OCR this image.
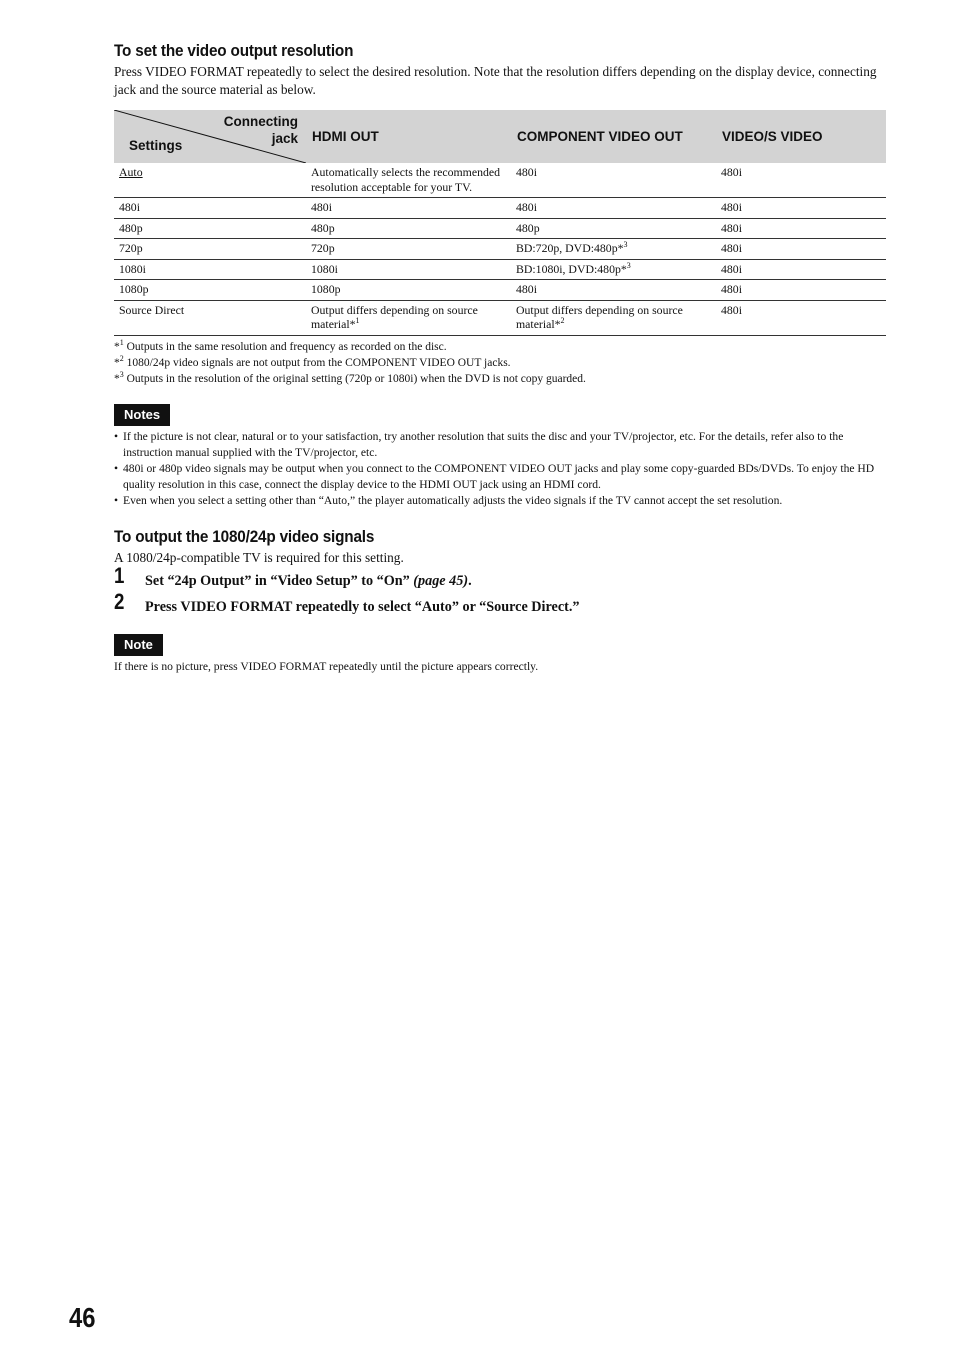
To set the video output resolution

Press VIDEO FORMAT repeatedly to select the desired resolution. Note that the resolution differs depending on the display device, connecting jack and the source material as below.

Connecting
jack
Settings	HDMI OUT	COMPONENT VIDEO OUT	VIDEO/S VIDEO
Auto	Automatically selects the recommended resolution acceptable for your TV.	480i	480i
480i	480i	480i	480i
480p	480p	480p	480i
720p	720p	BD:720p, DVD:480p*$^3$	480i
1080i	1080i	BD:1080i, DVD:480p*$^3$	480i
1080p	1080p	480i	480i
Source Direct	Output differs depending on source material*$^1$	Output differs depending on source material*$^2$	480i
*$^1$ Outputs in the same resolution and frequency as recorded on the disc.
*$^2$ 1080/24p video signals are not output from the COMPONENT VIDEO OUT jacks.
*$^3$ Outputs in the resolution of the original setting (720p or 1080i) when the DVD is not copy guarded.
Notes
• If the picture is not clear, natural or to your satisfaction, try another resolution that suits the disc and your TV/projector, etc. For the details, refer also to the instruction manual supplied with the TV/projector, etc.
• 480i or 480p video signals may be output when you connect to the COMPONENT VIDEO OUT jacks and play some copy-guarded BDs/DVDs. To enjoy the HD quality resolution in this case, connect the display device to the HDMI OUT jack using an HDMI cord.
• Even when you select a setting other than “Auto,” the player automatically adjusts the video signals if the TV cannot accept the set resolution.
To output the 1080/24p video signals

A 1080/24p-compatible TV is required for this setting.

1 Set “24p Output” in “Video Setup” to “On” (page 45).
2 Press VIDEO FORMAT repeatedly to select “Auto” or “Source Direct.”
Note

If there is no picture, press VIDEO FORMAT repeatedly until the picture appears correctly.

46
